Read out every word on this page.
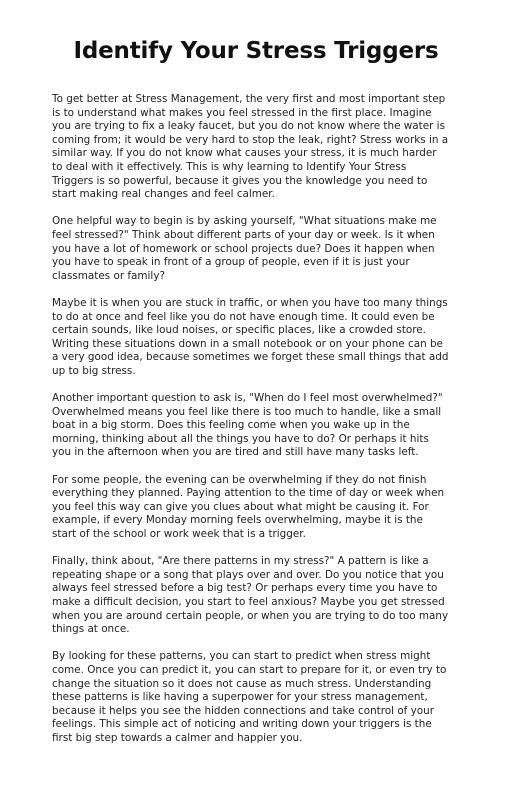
Identify Your Stress Triggers

To get better at Stress Management, the very first and most important step is to understand what makes you feel stressed in the first place. Imagine you are trying to fix a leaky faucet, but you do not know where the water is coming from; it would be very hard to stop the leak, right? Stress works in a similar way. If you do not know what causes your stress, it is much harder to deal with it effectively. This is why learning to Identify Your Stress Triggers is so powerful, because it gives you the knowledge you need to start making real changes and feel calmer.

One helpful way to begin is by asking yourself, "What situations make me feel stressed?" Think about different parts of your day or week. Is it when you have a lot of homework or school projects due? Does it happen when you have to speak in front of a group of people, even if it is just your classmates or family?

Maybe it is when you are stuck in traffic, or when you have too many things to do at once and feel like you do not have enough time. It could even be certain sounds, like loud noises, or specific places, like a crowded store. Writing these situations down in a small notebook or on your phone can be a very good idea, because sometimes we forget these small things that add up to big stress.

Another important question to ask is, "When do I feel most overwhelmed?" Overwhelmed means you feel like there is too much to handle, like a small boat in a big storm. Does this feeling come when you wake up in the morning, thinking about all the things you have to do? Or perhaps it hits you in the afternoon when you are tired and still have many tasks left.

For some people, the evening can be overwhelming if they do not finish everything they planned. Paying attention to the time of day or week when you feel this way can give you clues about what might be causing it. For example, if every Monday morning feels overwhelming, maybe it is the start of the school or work week that is a trigger.

Finally, think about, "Are there patterns in my stress?" A pattern is like a repeating shape or a song that plays over and over. Do you notice that you always feel stressed before a big test? Or perhaps every time you have to make a difficult decision, you start to feel anxious? Maybe you get stressed when you are around certain people, or when you are trying to do too many things at once.

By looking for these patterns, you can start to predict when stress might come. Once you can predict it, you can start to prepare for it, or even try to change the situation so it does not cause as much stress. Understanding these patterns is like having a superpower for your stress management, because it helps you see the hidden connections and take control of your feelings. This simple act of noticing and writing down your triggers is the first big step towards a calmer and happier you.
